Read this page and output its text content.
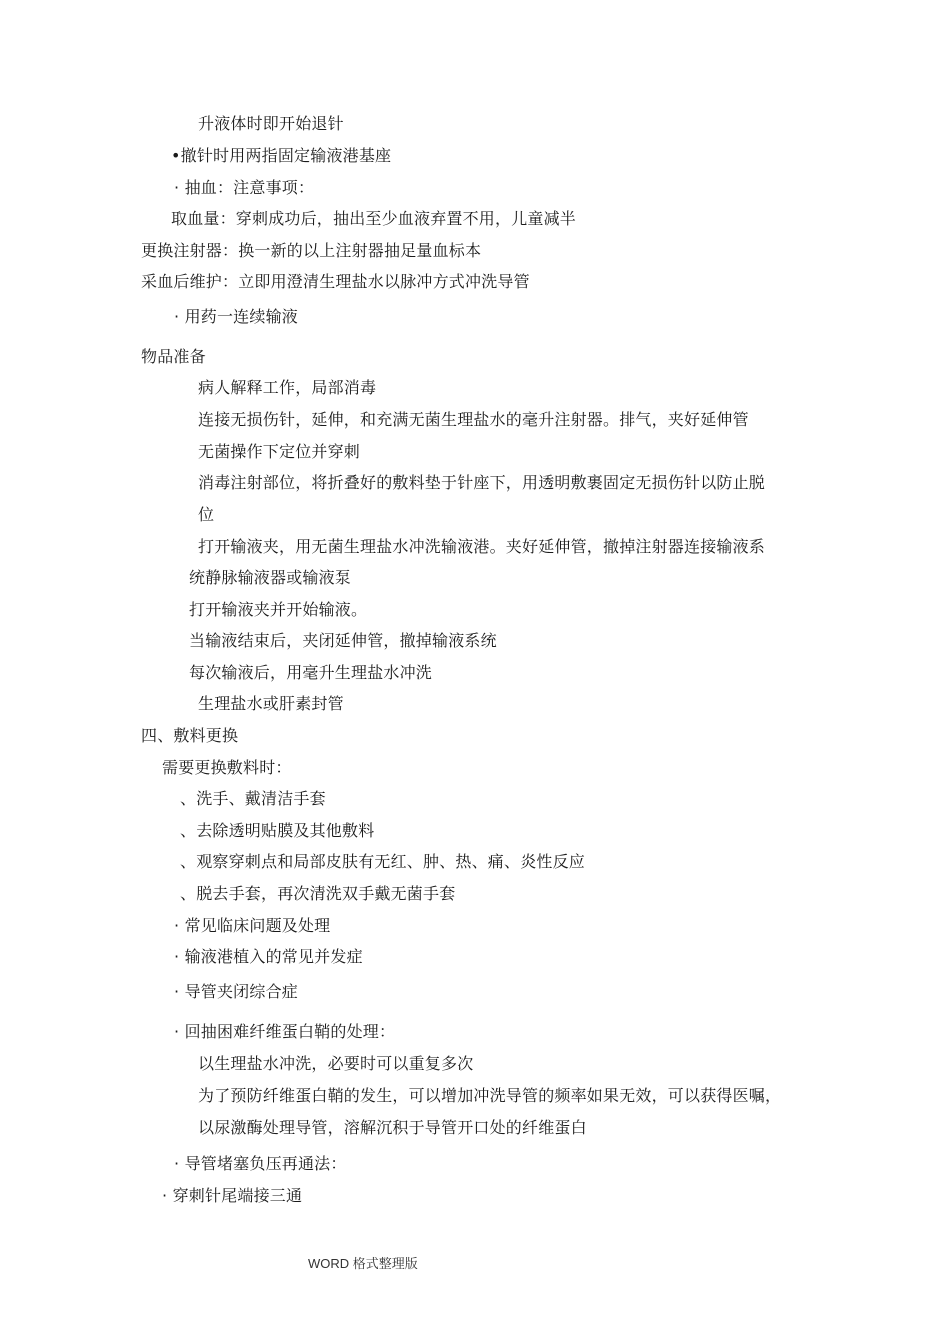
升液体时即开始退针
•撤针时用两指固定输液港基座
· 抽血：注意事项：
取血量：穿刺成功后，抽出至少血液弃置不用，儿童减半
更换注射器：换一新的以上注射器抽足量血标本
采血后维护：立即用澄清生理盐水以脉冲方式冲洗导管
· 用药一连续输液
物品准备
病人解释工作，局部消毒
连接无损伤针，延伸，和充满无菌生理盐水的毫升注射器。排气，夹好延伸管
无菌操作下定位并穿刺
消毒注射部位，将折叠好的敷料垫于针座下，用透明敷裹固定无损伤针以防止脱
位
打开输液夹，用无菌生理盐水冲洗输液港。夹好延伸管，撤掉注射器连接输液系
统静脉输液器或输液泵
打开输液夹并开始输液。
当输液结束后，夹闭延伸管，撤掉输液系统
每次输液后，用毫升生理盐水冲洗
生理盐水或肝素封管
四、敷料更换
需要更换敷料时：
、洗手、戴清洁手套
、去除透明贴膜及其他敷料
、观察穿刺点和局部皮肤有无红、肿、热、痛、炎性反应
、脱去手套，再次清洗双手戴无菌手套
· 常见临床问题及处理
· 输液港植入的常见并发症
· 导管夹闭综合症
· 回抽困难纤维蛋白鞘的处理：
以生理盐水冲洗，必要时可以重复多次
为了预防纤维蛋白鞘的发生，可以增加冲洗导管的频率如果无效，可以获得医嘱，
以尿激酶处理导管，溶解沉积于导管开口处的纤维蛋白
· 导管堵塞负压再通法：
· 穿刺针尾端接三通
WORD 格式整理版
